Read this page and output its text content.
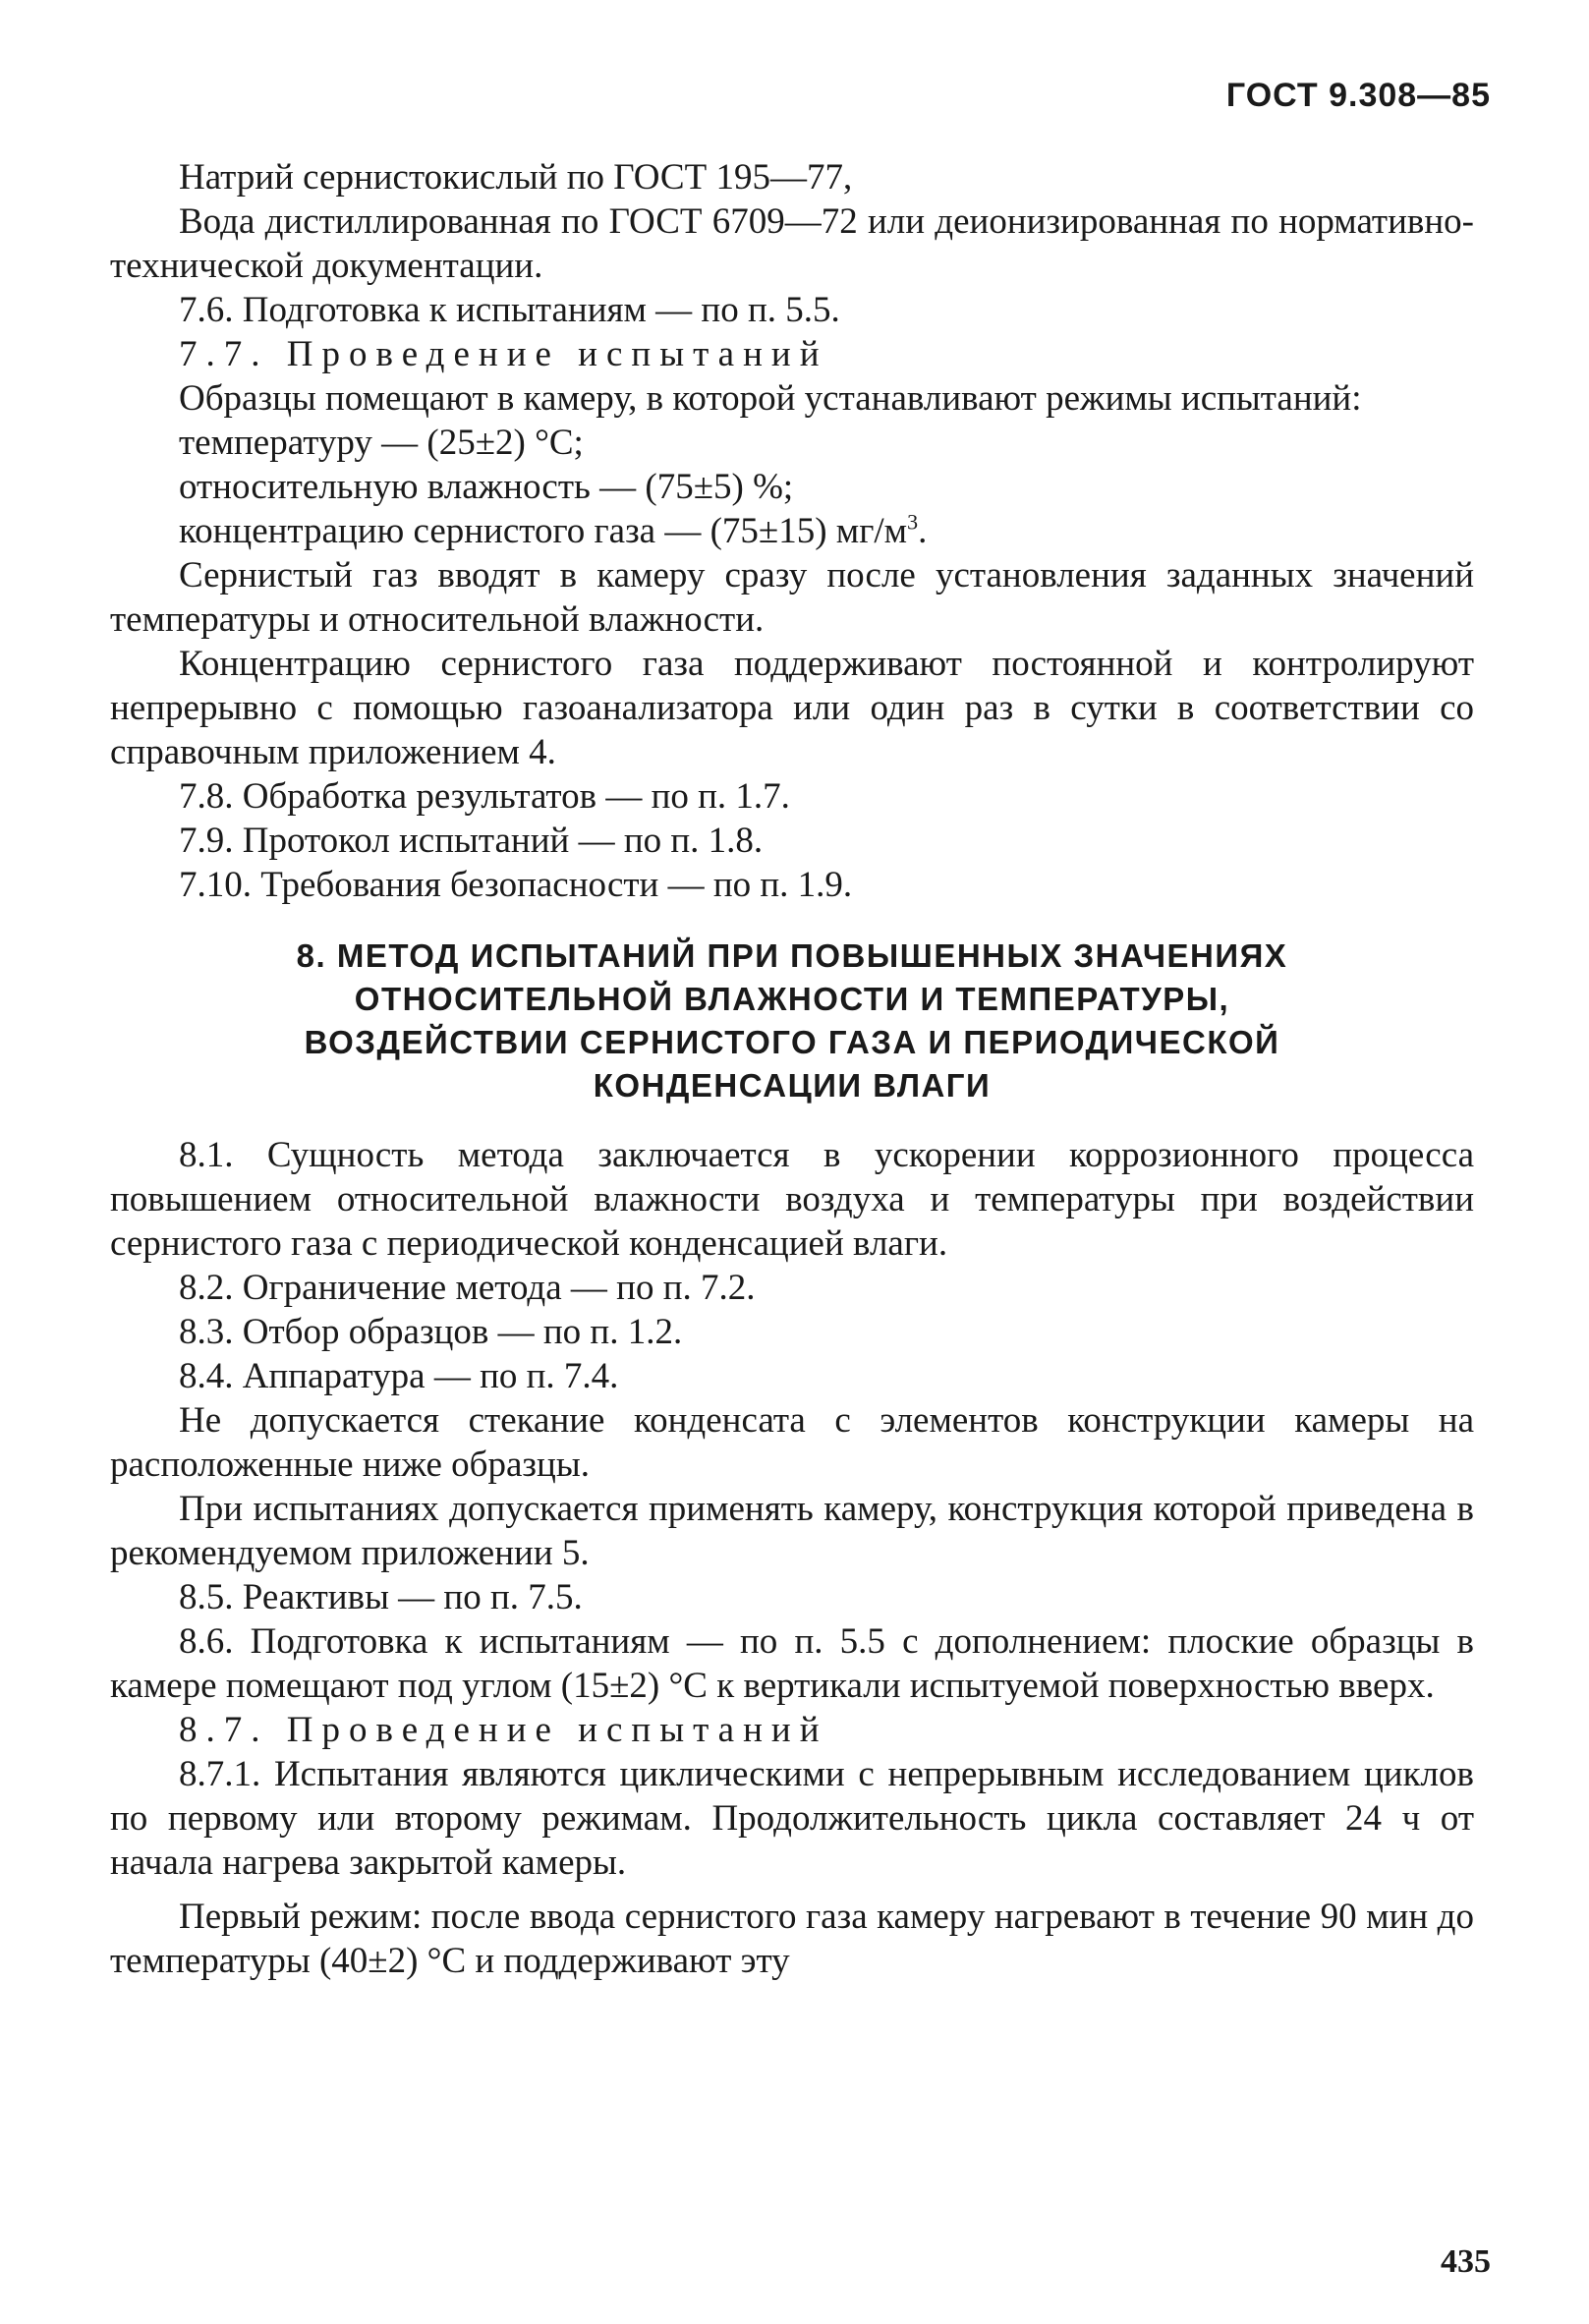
ГОСТ 9.308—85

Натрий сернистокислый по ГОСТ 195—77,

Вода дистиллированная по ГОСТ 6709—72 или деионизированная по нормативно-технической документации.

7.6. Подготовка к испытаниям — по п. 5.5.

7.7. Проведение испытаний

Образцы помещают в камеру, в которой устанавливают режимы испытаний:

температуру — (25±2) °С;

относительную влажность — (75±5) %;

концентрацию сернистого газа — (75±15) $мг/м^3$.

Сернистый газ вводят в камеру сразу после установления заданных значений температуры и относительной влажности.

Концентрацию сернистого газа поддерживают постоянной и контролируют непрерывно с помощью газоанализатора или один раз в сутки в соответствии со справочным приложением 4.

7.8. Обработка результатов — по п. 1.7.

7.9. Протокол испытаний — по п. 1.8.

7.10. Требования безопасности — по п. 1.9.

8. МЕТОД ИСПЫТАНИЙ ПРИ ПОВЫШЕННЫХ ЗНАЧЕНИЯХ
ОТНОСИТЕЛЬНОЙ ВЛАЖНОСТИ И ТЕМПЕРАТУРЫ,
ВОЗДЕЙСТВИИ СЕРНИСТОГО ГАЗА И ПЕРИОДИЧЕСКОЙ
КОНДЕНСАЦИИ ВЛАГИ

8.1. Сущность метода заключается в ускорении коррозионного процесса повышением относительной влажности воздуха и температуры при воздействии сернистого газа с периодической конденсацией влаги.

8.2. Ограничение метода — по п. 7.2.

8.3. Отбор образцов — по п. 1.2.

8.4. Аппаратура — по п. 7.4.

Не допускается стекание конденсата с элементов конструкции камеры на расположенные ниже образцы.

При испытаниях допускается применять камеру, конструкция которой приведена в рекомендуемом приложении 5.

8.5. Реактивы — по п. 7.5.

8.6. Подготовка к испытаниям — по п. 5.5 с дополнением: плоские образцы в камере помещают под углом (15±2) °С к вертикали испытуемой поверхностью вверх.

8.7. Проведение испытаний

8.7.1. Испытания являются циклическими с непрерывным исследованием циклов по первому или второму режимам. Продолжительность цикла составляет 24 ч от начала нагрева закрытой камеры.

Первый режим: после ввода сернистого газа камеру нагревают в течение 90 мин до температуры (40±2) °С и поддерживают эту

435
